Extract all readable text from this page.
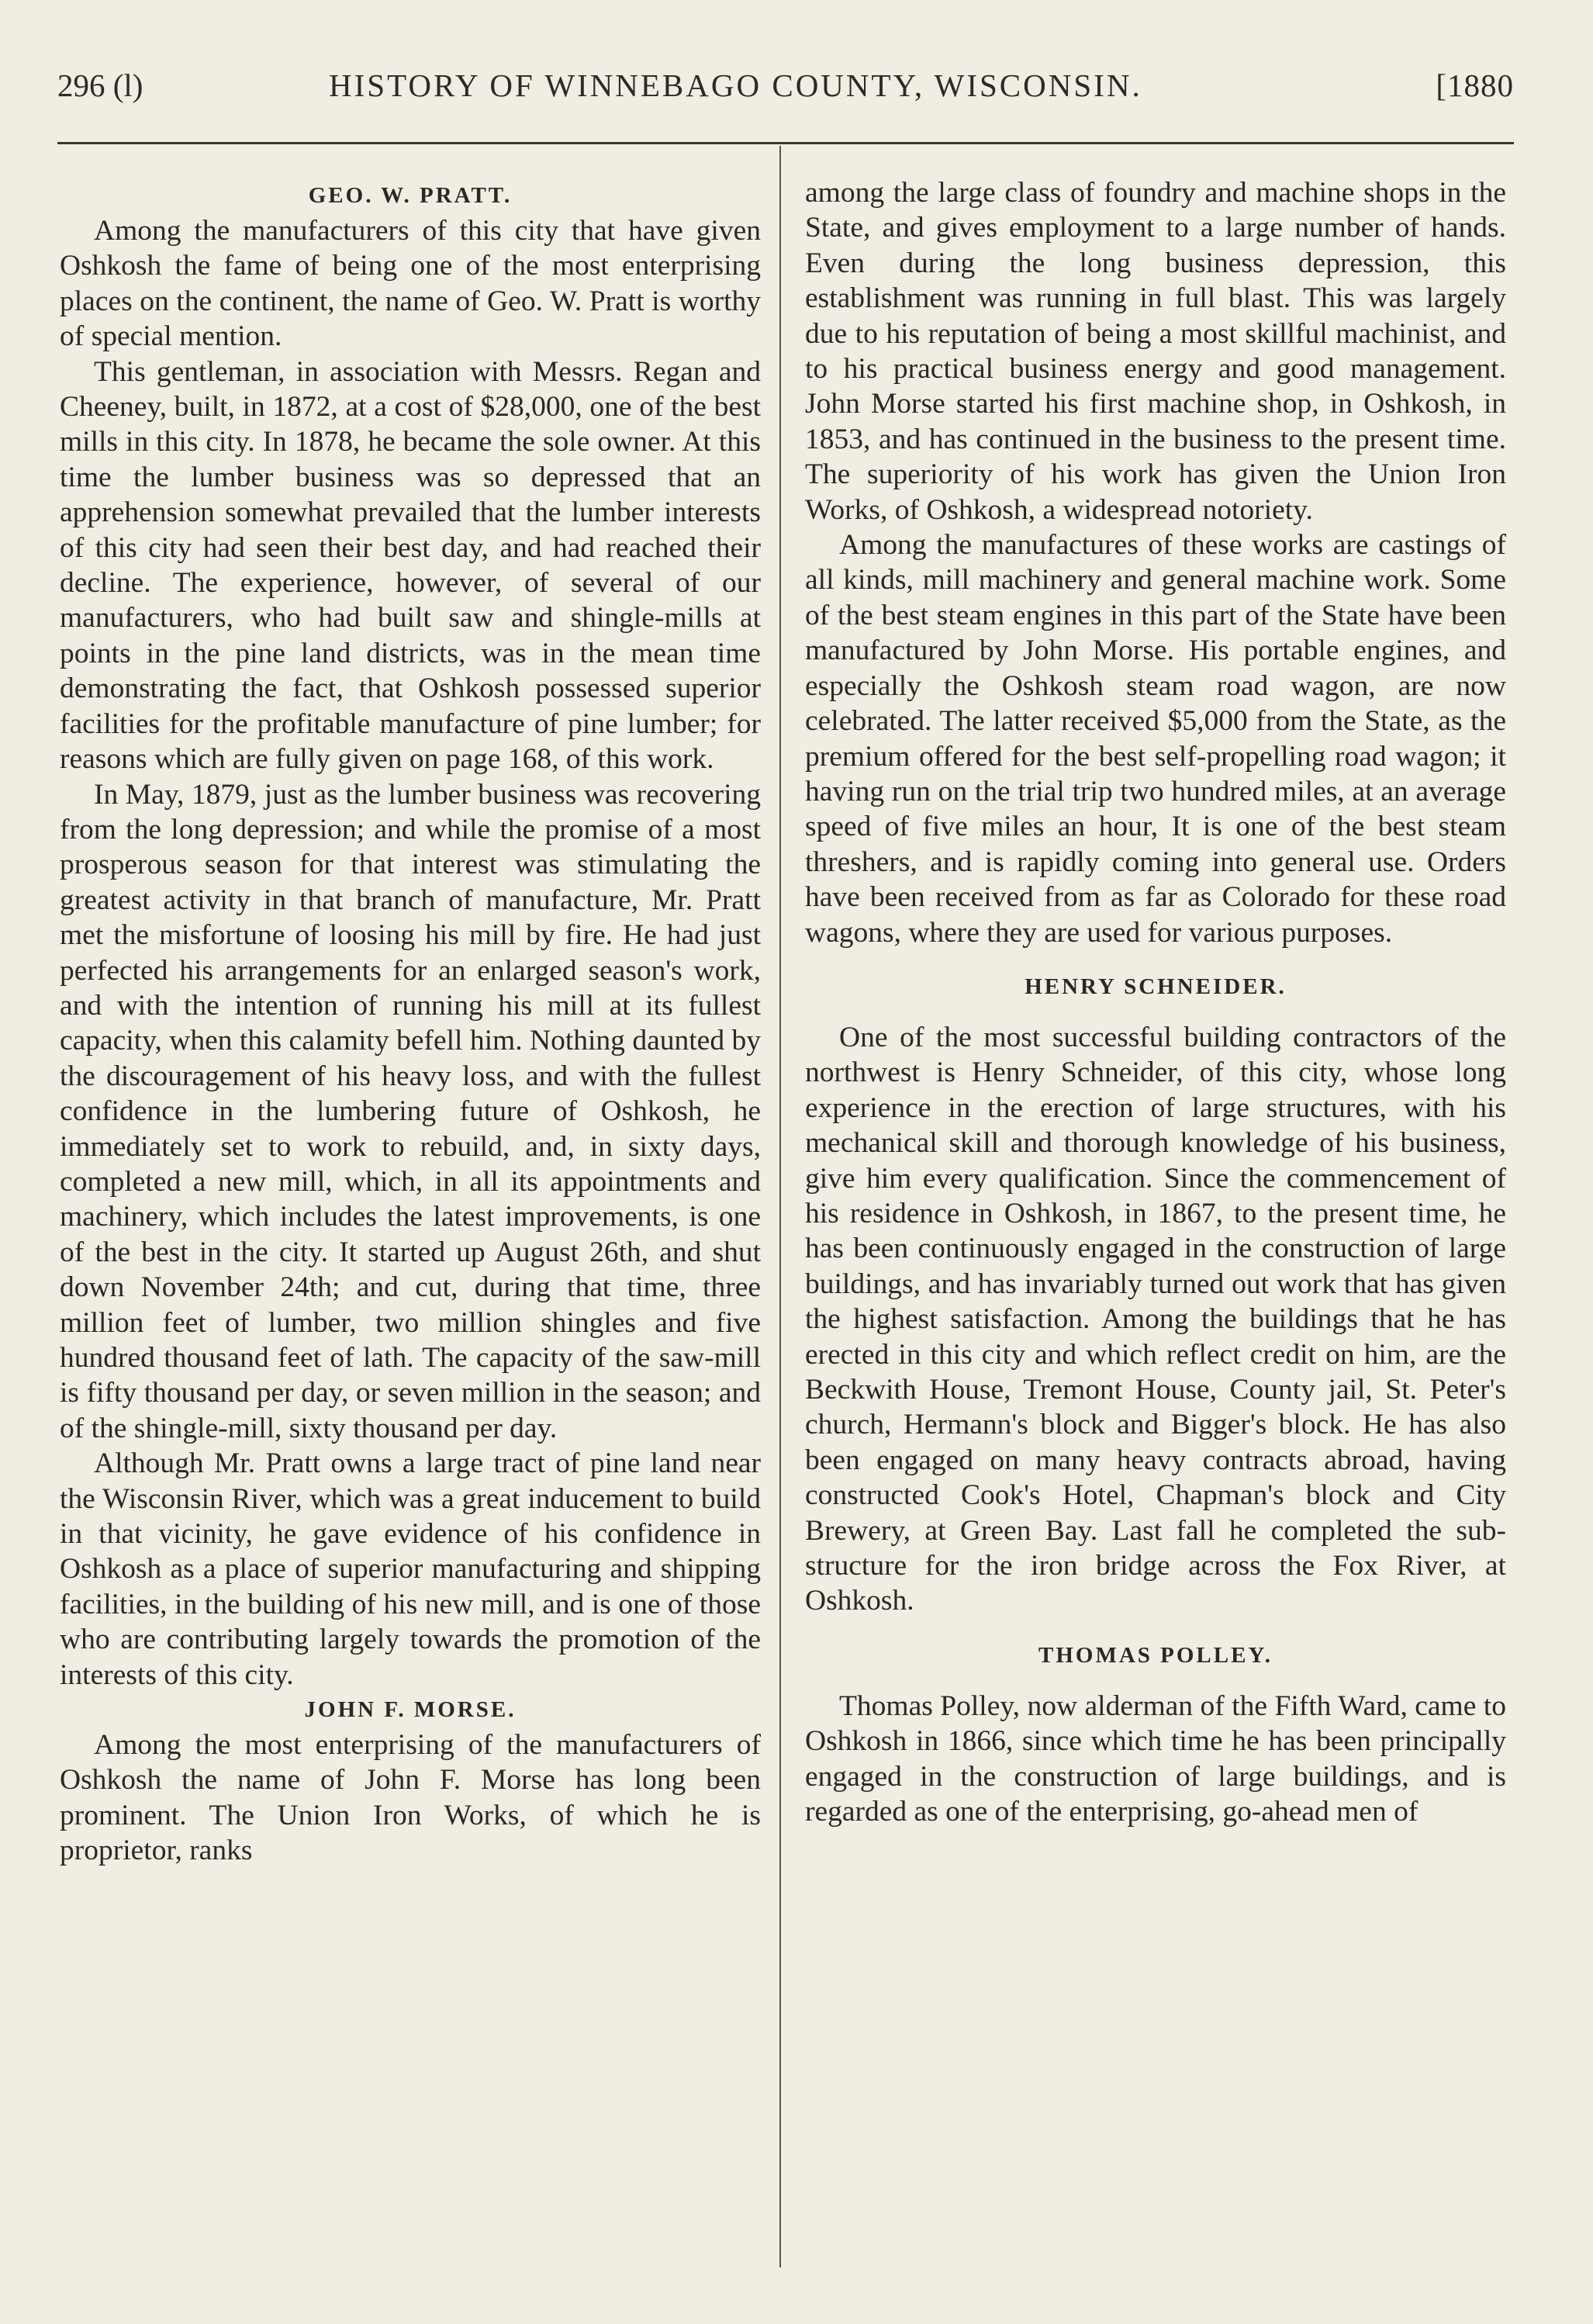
296 (l)	HISTORY OF WINNEBAGO COUNTY, WISCONSIN.	[1880
GEO. W. PRATT.

Among the manufacturers of this city that have given Oshkosh the fame of being one of the most enterprising places on the continent, the name of Geo. W. Pratt is worthy of special mention.

This gentleman, in association with Messrs. Regan and Cheeney, built, in 1872, at a cost of $28,000, one of the best mills in this city. In 1878, he became the sole owner. At this time the lumber business was so depressed that an apprehension somewhat prevailed that the lumber interests of this city had seen their best day, and had reached their decline. The experience, however, of several of our manufacturers, who had built saw and shingle-mills at points in the pine land districts, was in the mean time demonstrating the fact, that Oshkosh possessed superior facilities for the profitable manufacture of pine lumber; for reasons which are fully given on page 168, of this work.

In May, 1879, just as the lumber business was recovering from the long depression; and while the promise of a most prosperous season for that interest was stimulating the greatest activity in that branch of manufacture, Mr. Pratt met the misfortune of loosing his mill by fire. He had just perfected his arrangements for an enlarged season's work, and with the intention of running his mill at its fullest capacity, when this calamity befell him. Nothing daunted by the discouragement of his heavy loss, and with the fullest confidence in the lumbering future of Oshkosh, he immediately set to work to rebuild, and, in sixty days, completed a new mill, which, in all its appointments and machinery, which includes the latest improvements, is one of the best in the city. It started up August 26th, and shut down November 24th; and cut, during that time, three million feet of lumber, two million shingles and five hundred thousand feet of lath. The capacity of the saw-mill is fifty thousand per day, or seven million in the season; and of the shingle-mill, sixty thousand per day.

Although Mr. Pratt owns a large tract of pine land near the Wisconsin River, which was a great inducement to build in that vicinity, he gave evidence of his confidence in Oshkosh as a place of superior manufacturing and shipping facilities, in the building of his new mill, and is one of those who are contributing largely towards the promotion of the interests of this city.

JOHN F. MORSE.

Among the most enterprising of the manufacturers of Oshkosh the name of John F. Morse has long been prominent. The Union Iron Works, of which he is proprietor, ranks

among the large class of foundry and machine shops in the State, and gives employment to a large number of hands. Even during the long business depression, this establishment was running in full blast. This was largely due to his reputation of being a most skillful machinist, and to his practical business energy and good management. John Morse started his first machine shop, in Oshkosh, in 1853, and has continued in the business to the present time. The superiority of his work has given the Union Iron Works, of Oshkosh, a widespread notoriety.

Among the manufactures of these works are castings of all kinds, mill machinery and general machine work. Some of the best steam engines in this part of the State have been manufactured by John Morse. His portable engines, and especially the Oshkosh steam road wagon, are now celebrated. The latter received $5,000 from the State, as the premium offered for the best self-propelling road wagon; it having run on the trial trip two hundred miles, at an average speed of five miles an hour, It is one of the best steam threshers, and is rapidly coming into general use. Orders have been received from as far as Colorado for these road wagons, where they are used for various purposes.

HENRY SCHNEIDER.

One of the most successful building contractors of the northwest is Henry Schneider, of this city, whose long experience in the erection of large structures, with his mechanical skill and thorough knowledge of his business, give him every qualification. Since the commencement of his residence in Oshkosh, in 1867, to the present time, he has been continuously engaged in the construction of large buildings, and has invariably turned out work that has given the highest satisfaction. Among the buildings that he has erected in this city and which reflect credit on him, are the Beckwith House, Tremont House, County jail, St. Peter's church, Hermann's block and Bigger's block. He has also been engaged on many heavy contracts abroad, having constructed Cook's Hotel, Chapman's block and City Brewery, at Green Bay. Last fall he completed the sub-structure for the iron bridge across the Fox River, at Oshkosh.

THOMAS POLLEY.

Thomas Polley, now alderman of the Fifth Ward, came to Oshkosh in 1866, since which time he has been principally engaged in the construction of large buildings, and is regarded as one of the enterprising, go-ahead men of
